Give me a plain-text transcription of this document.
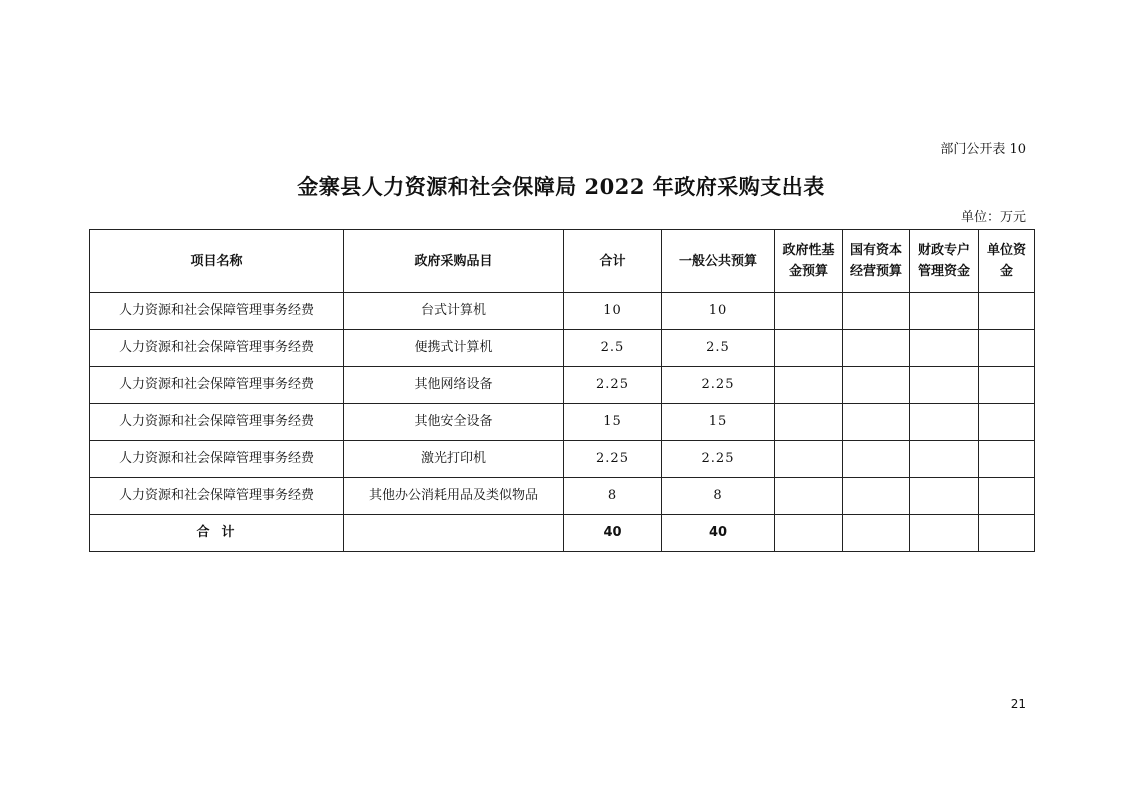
部门公开表 10
金寨县人力资源和社会保障局 2022 年政府采购支出表
单位：万元
项目名称	政府采购品目	合计	一般公共预算	政府性基金预算	国有资本经营预算	财政专户管理资金	单位资金
人力资源和社会保障管理事务经费	台式计算机	10	10				
人力资源和社会保障管理事务经费	便携式计算机	2.5	2.5				
人力资源和社会保障管理事务经费	其他网络设备	2.25	2.25				
人力资源和社会保障管理事务经费	其他安全设备	15	15				
人力资源和社会保障管理事务经费	激光打印机	2.25	2.25				
人力资源和社会保障管理事务经费	其他办公消耗用品及类似物品	8	8				
合计		40	40				
21
